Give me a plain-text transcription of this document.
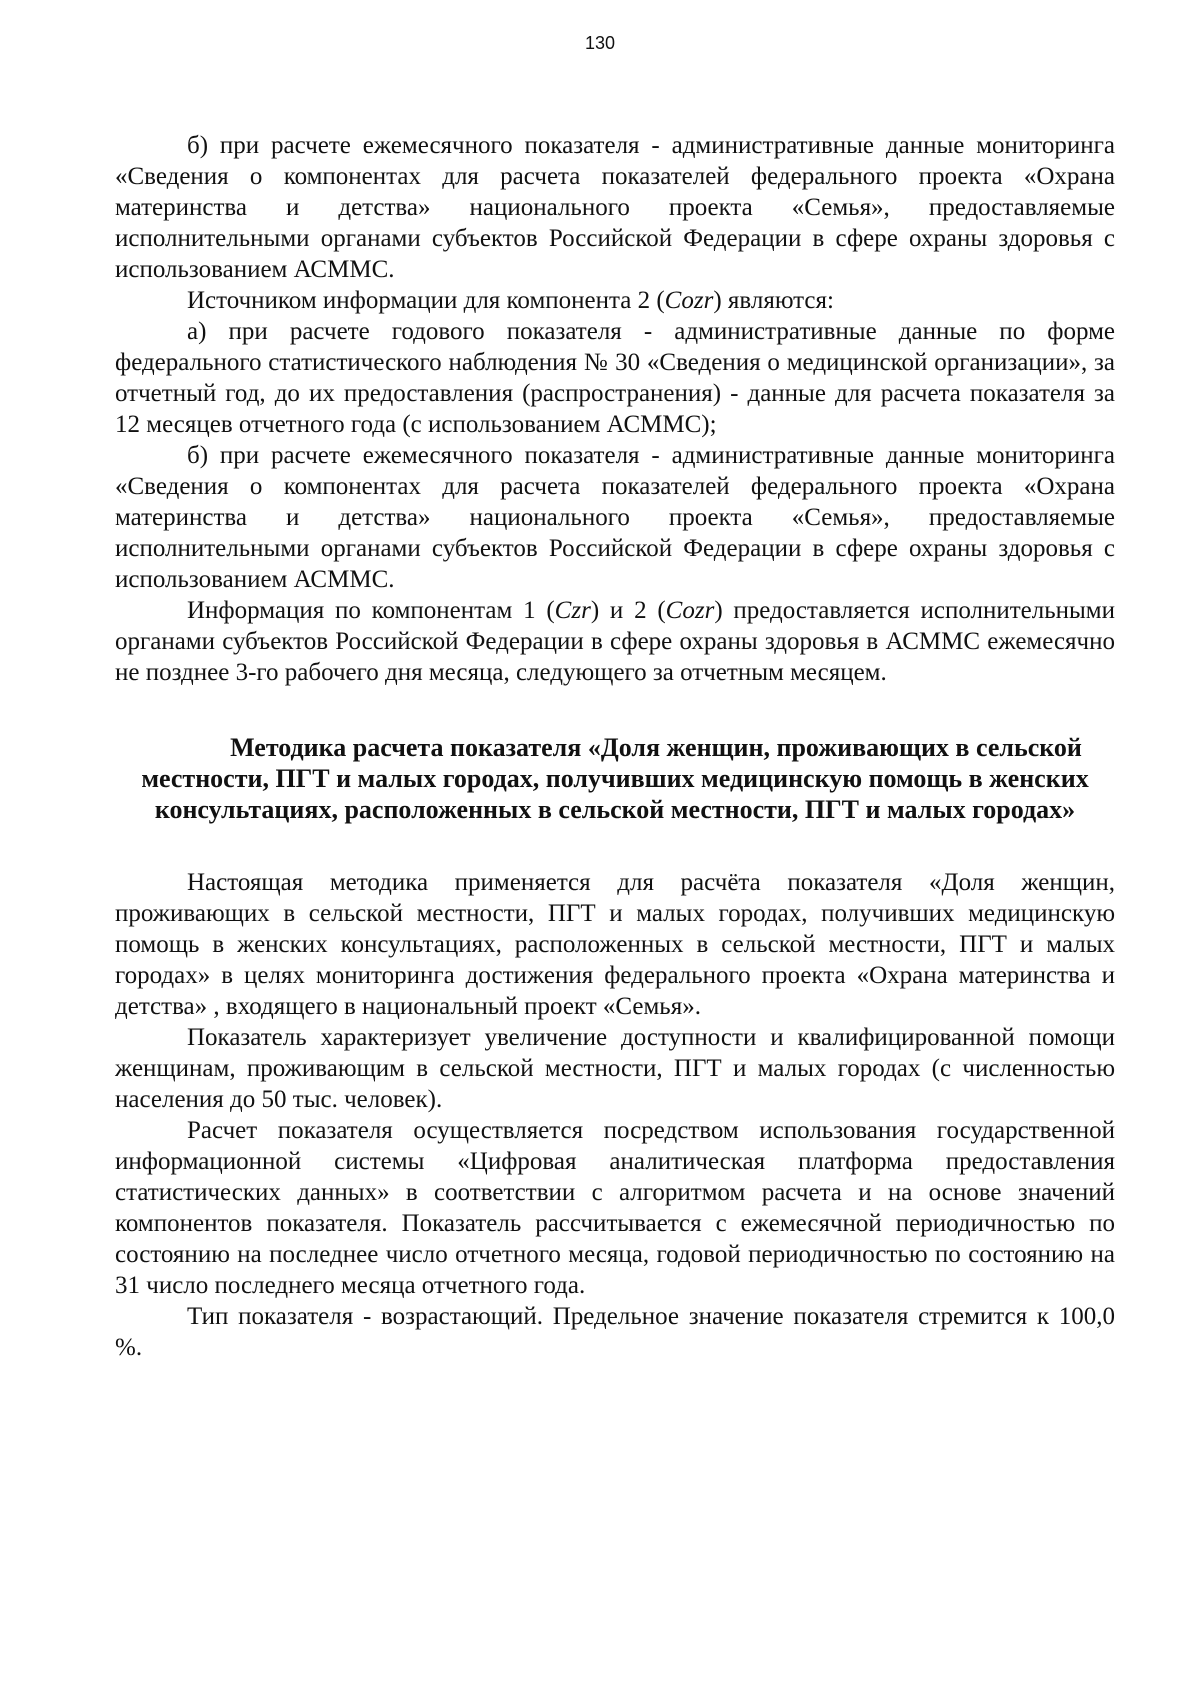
130

б) при расчете ежемесячного показателя - административные данные мониторинга «Сведения о компонентах для расчета показателей федерального проекта «Охрана материнства и детства» национального проекта «Семья», предоставляемые исполнительными органами субъектов Российской Федерации в сфере охраны здоровья с использованием АСММС.

Источником информации для компонента 2 (Cozr) являются:

а) при расчете годового показателя - административные данные по форме федерального статистического наблюдения № 30 «Сведения о медицинской организации», за отчетный год, до их предоставления (распространения) - данные для расчета показателя за 12 месяцев отчетного года (с использованием АСММС);

б) при расчете ежемесячного показателя - административные данные мониторинга «Сведения о компонентах для расчета показателей федерального проекта «Охрана материнства и детства» национального проекта «Семья», предоставляемые исполнительными органами субъектов Российской Федерации в сфере охраны здоровья с использованием АСММС.

Информация по компонентам 1 (Czr) и 2 (Cozr) предоставляется исполнительными органами субъектов Российской Федерации в сфере охраны здоровья в АСММС ежемесячно не позднее 3-го рабочего дня месяца, следующего за отчетным месяцем.

Методика расчета показателя «Доля женщин, проживающих в сельской местности, ПГТ и малых городах, получивших медицинскую помощь в женских консультациях, расположенных в сельской местности, ПГТ и малых городах»

Настоящая методика применяется для расчёта показателя «Доля женщин, проживающих в сельской местности, ПГТ и малых городах, получивших медицинскую помощь в женских консультациях, расположенных в сельской местности, ПГТ и малых городах» в целях мониторинга достижения федерального проекта «Охрана материнства и детства» , входящего в национальный проект «Семья».

Показатель характеризует увеличение доступности и квалифицированной помощи женщинам, проживающим в сельской местности, ПГТ и малых городах (с численностью населения до 50 тыс. человек).

Расчет показателя осуществляется посредством использования государственной информационной системы «Цифровая аналитическая платформа предоставления статистических данных» в соответствии с алгоритмом расчета и на основе значений компонентов показателя. Показатель рассчитывается с ежемесячной периодичностью по состоянию на последнее число отчетного месяца, годовой периодичностью по состоянию на 31 число последнего месяца отчетного года.

Тип показателя - возрастающий. Предельное значение показателя стремится к 100,0 %.
